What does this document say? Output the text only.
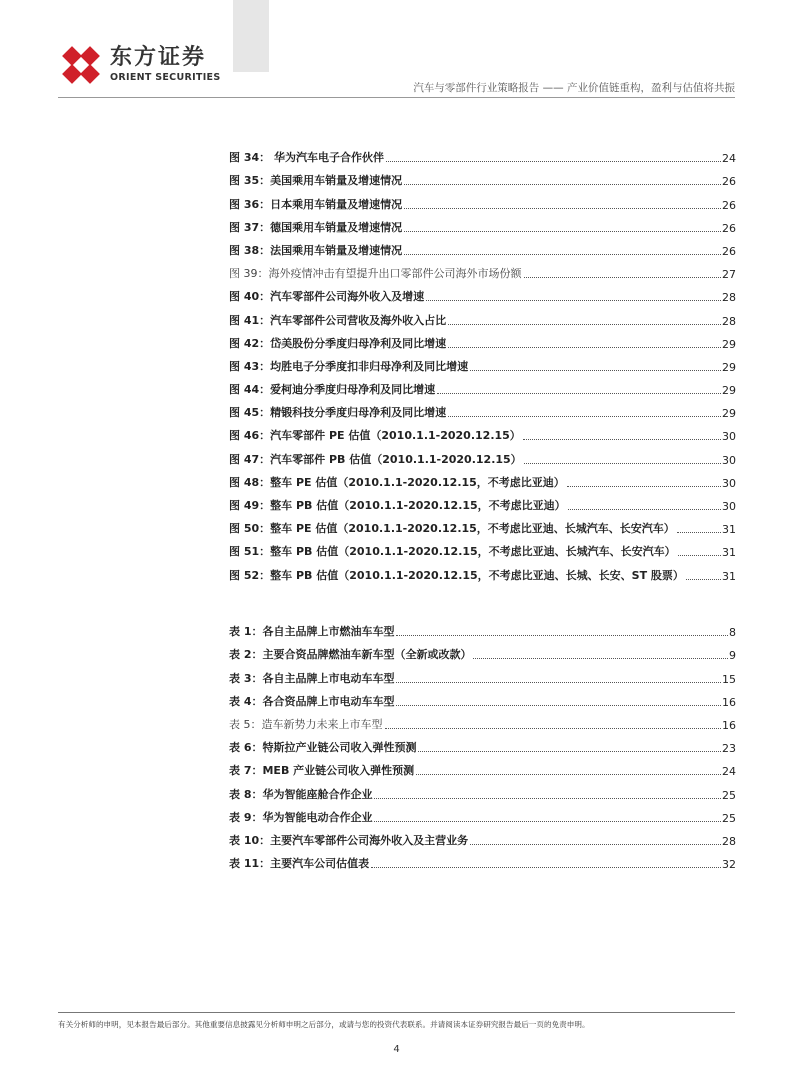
东方证券
ORIENT SECURITIES
汽车与零部件行业策略报告 —— 产业价值链重构，盈利与估值将共振
图 34： 华为汽车电子合作伙伴	24
图 35：美国乘用车销量及增速情况	26
图 36：日本乘用车销量及增速情况	26
图 37：德国乘用车销量及增速情况	26
图 38：法国乘用车销量及增速情况	26
图 39：海外疫情冲击有望提升出口零部件公司海外市场份额	27
图 40：汽车零部件公司海外收入及增速	28
图 41：汽车零部件公司营收及海外收入占比	28
图 42：岱美股份分季度归母净利及同比增速	29
图 43：均胜电子分季度扣非归母净利及同比增速	29
图 44：爱柯迪分季度归母净利及同比增速	29
图 45：精锻科技分季度归母净利及同比增速	29
图 46：汽车零部件 PE 估值（2010.1.1-2020.12.15）	30
图 47：汽车零部件 PB 估值（2010.1.1-2020.12.15）	30
图 48：整车 PE 估值（2010.1.1-2020.12.15，不考虑比亚迪）	30
图 49：整车 PB 估值（2010.1.1-2020.12.15，不考虑比亚迪）	30
图 50：整车 PE 估值（2010.1.1-2020.12.15，不考虑比亚迪、长城汽车、长安汽车）	31
图 51：整车 PB 估值（2010.1.1-2020.12.15，不考虑比亚迪、长城汽车、长安汽车）	31
图 52：整车 PB 估值（2010.1.1-2020.12.15，不考虑比亚迪、长城、长安、ST 股票）	31
表 1：各自主品牌上市燃油车车型	8
表 2：主要合资品牌燃油车新车型（全新或改款）	9
表 3：各自主品牌上市电动车车型	15
表 4：各合资品牌上市电动车车型	16
表 5：造车新势力未来上市车型	16
表 6：特斯拉产业链公司收入弹性预测	23
表 7：MEB 产业链公司收入弹性预测	24
表 8：华为智能座舱合作企业	25
表 9：华为智能电动合作企业	25
表 10：主要汽车零部件公司海外收入及主营业务	28
表 11：主要汽车公司估值表	32
有关分析师的申明，见本报告最后部分。其他重要信息披露见分析师申明之后部分，或请与您的投资代表联系。并请阅读本证券研究报告最后一页的免责申明。
4
